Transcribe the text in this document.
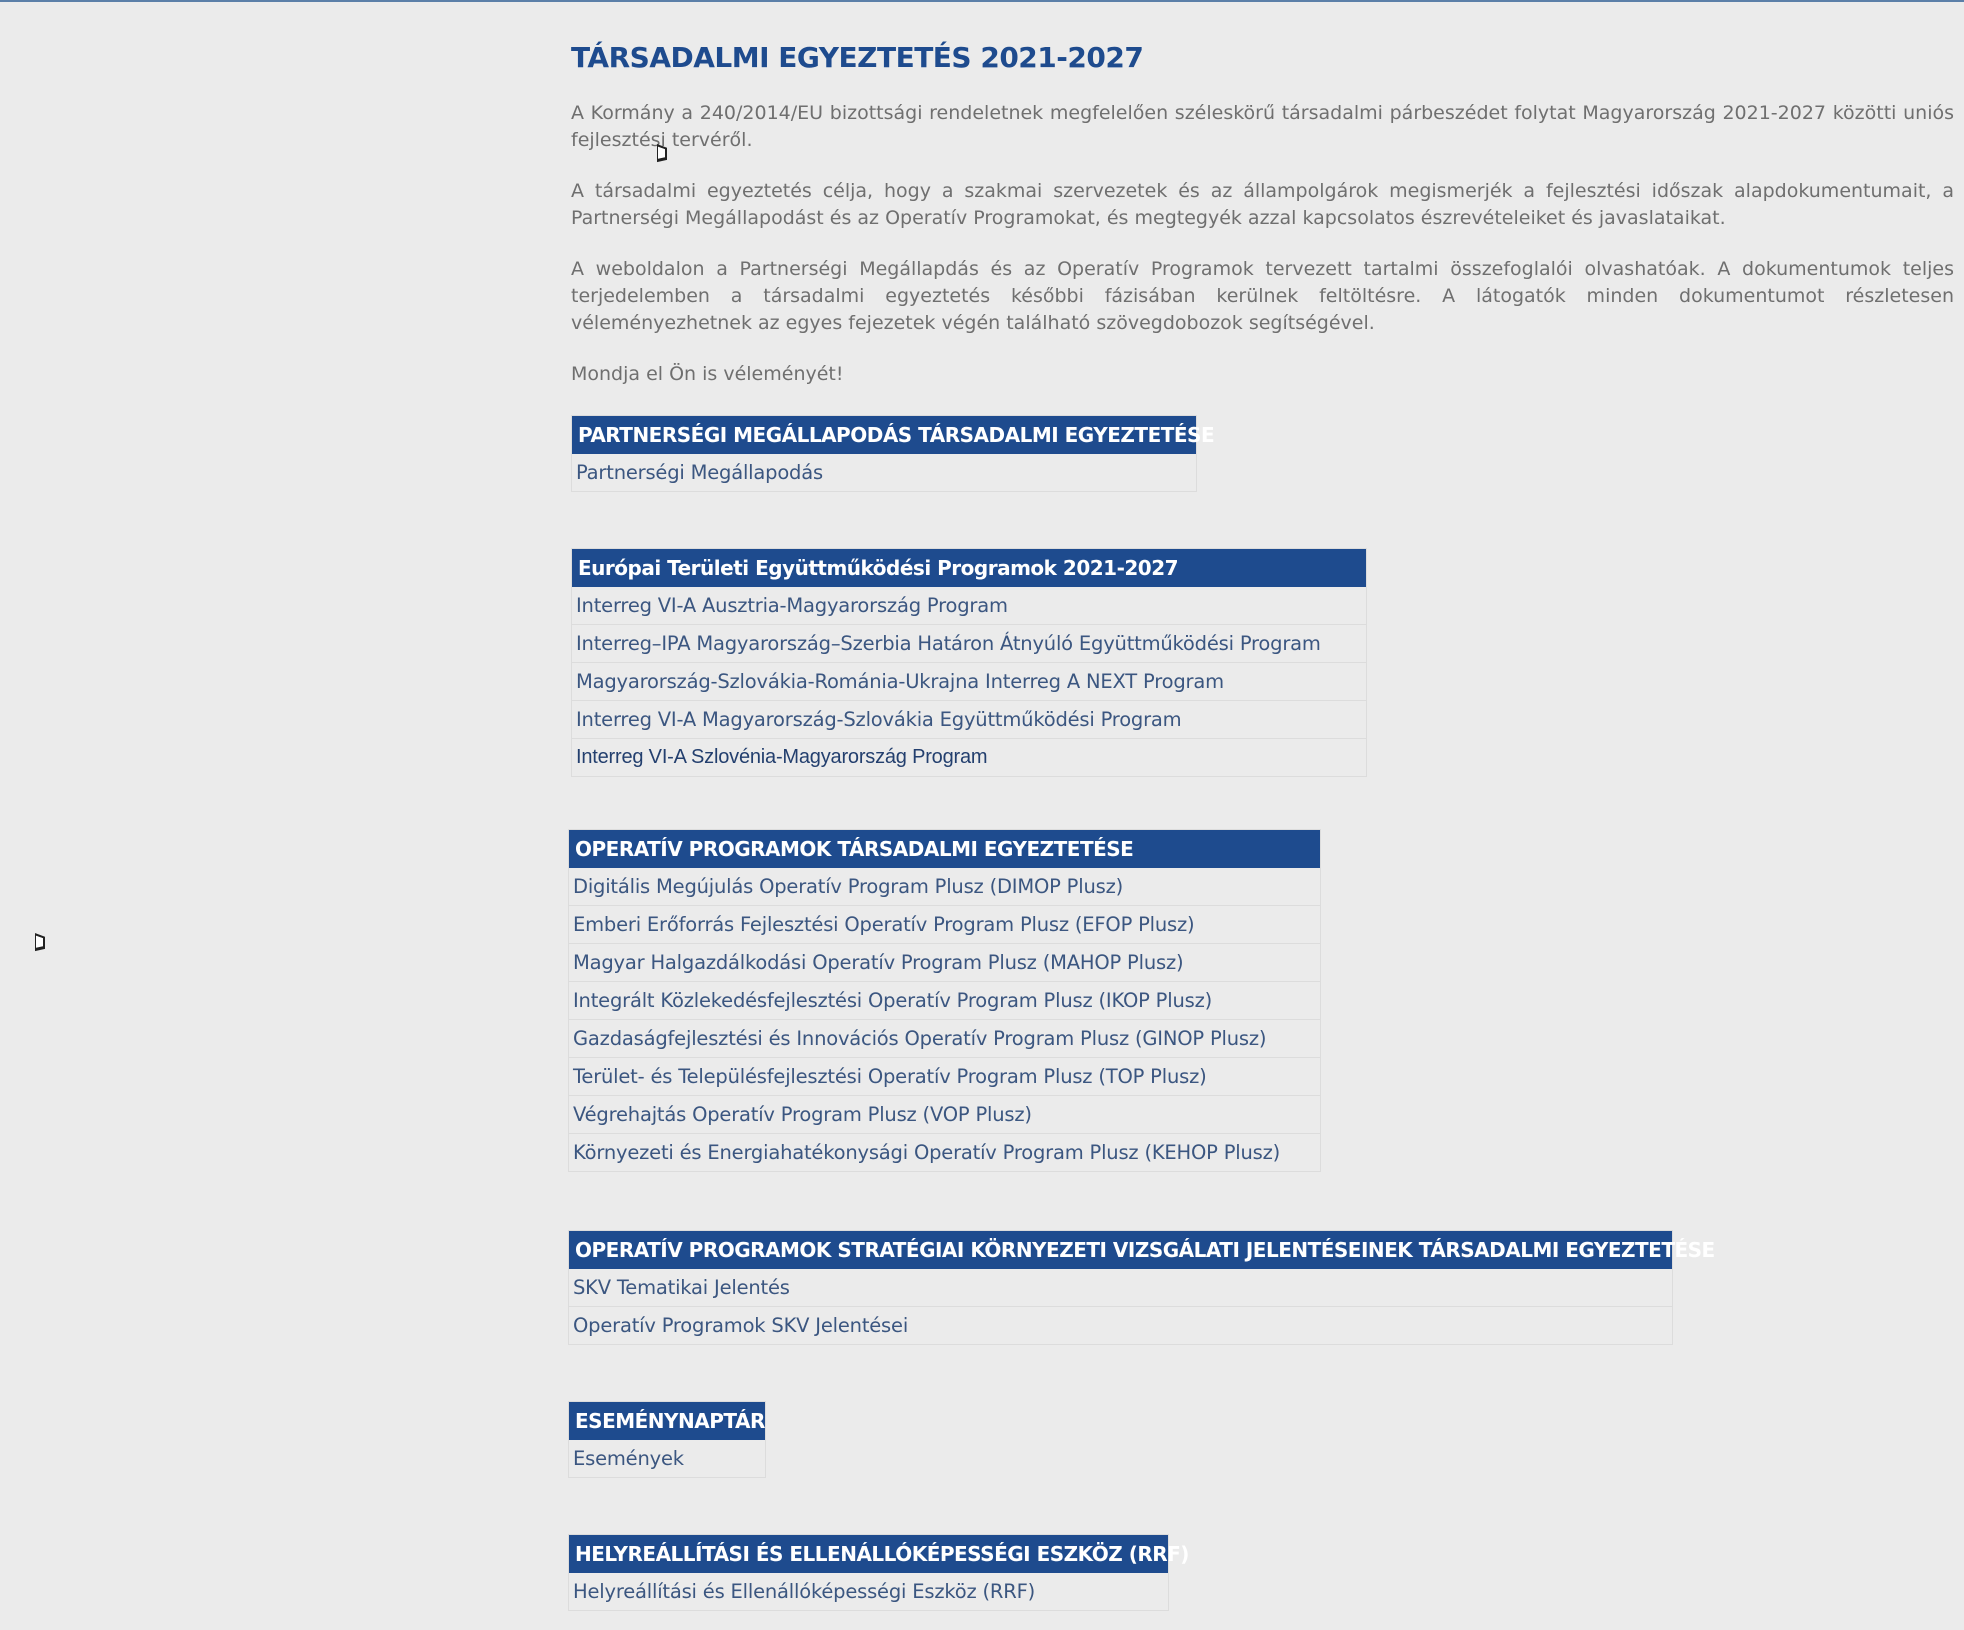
TÁRSADALMI EGYEZTETÉS 2021-2027

A Kormány a 240/2014/EU bizottsági rendeletnek megfelelően széleskörű társadalmi párbeszédet folytat Magyarország 2021-2027 közötti uniós fejlesztési tervéről.

A társadalmi egyeztetés célja, hogy a szakmai szervezetek és az állampolgárok megismerjék a fejlesztési időszak alapdokumentumait, a Partnerségi Megállapodást és az Operatív Programokat, és megtegyék azzal kapcsolatos észrevételeiket és javaslataikat.

A weboldalon a Partnerségi Megállapdás és az Operatív Programok tervezett tartalmi összefoglalói olvashatóak. A dokumentumok teljes terjedelemben a társadalmi egyeztetés későbbi fázisában kerülnek feltöltésre. A látogatók minden dokumentumot részletesen véleményezhetnek az egyes fejezetek végén található szövegdobozok segítségével.

Mondja el Ön is véleményét!

PARTNERSÉGI MEGÁLLAPODÁS TÁRSADALMI EGYEZTETÉSE
Partnerségi Megállapodás
Európai Területi Együttműködési Programok 2021-2027
Interreg VI-A Ausztria-Magyarország Program
Interreg–IPA Magyarország–Szerbia Határon Átnyúló Együttműködési Program
Magyarország-Szlovákia-Románia-Ukrajna Interreg A NEXT Program
Interreg VI-A Magyarország-Szlovákia Együttműködési Program
Interreg VI-A Szlovénia-Magyarország Program
OPERATÍV PROGRAMOK TÁRSADALMI EGYEZTETÉSE
Digitális Megújulás Operatív Program Plusz (DIMOP Plusz)
Emberi Erőforrás Fejlesztési Operatív Program Plusz (EFOP Plusz)
Magyar Halgazdálkodási Operatív Program Plusz (MAHOP Plusz)
Integrált Közlekedésfejlesztési Operatív Program Plusz (IKOP Plusz)
Gazdaságfejlesztési és Innovációs Operatív Program Plusz (GINOP Plusz)
Terület- és Településfejlesztési Operatív Program Plusz (TOP Plusz)
Végrehajtás Operatív Program Plusz (VOP Plusz)
Környezeti és Energiahatékonysági Operatív Program Plusz (KEHOP Plusz)
OPERATÍV PROGRAMOK STRATÉGIAI KÖRNYEZETI VIZSGÁLATI JELENTÉSEINEK TÁRSADALMI EGYEZTETÉSE
SKV Tematikai Jelentés
Operatív Programok SKV Jelentései
ESEMÉNYNAPTÁR
Események
HELYREÁLLÍTÁSI ÉS ELLENÁLLÓKÉPESSÉGI ESZKÖZ (RRF)
Helyreállítási és Ellenállóképességi Eszköz (RRF)
